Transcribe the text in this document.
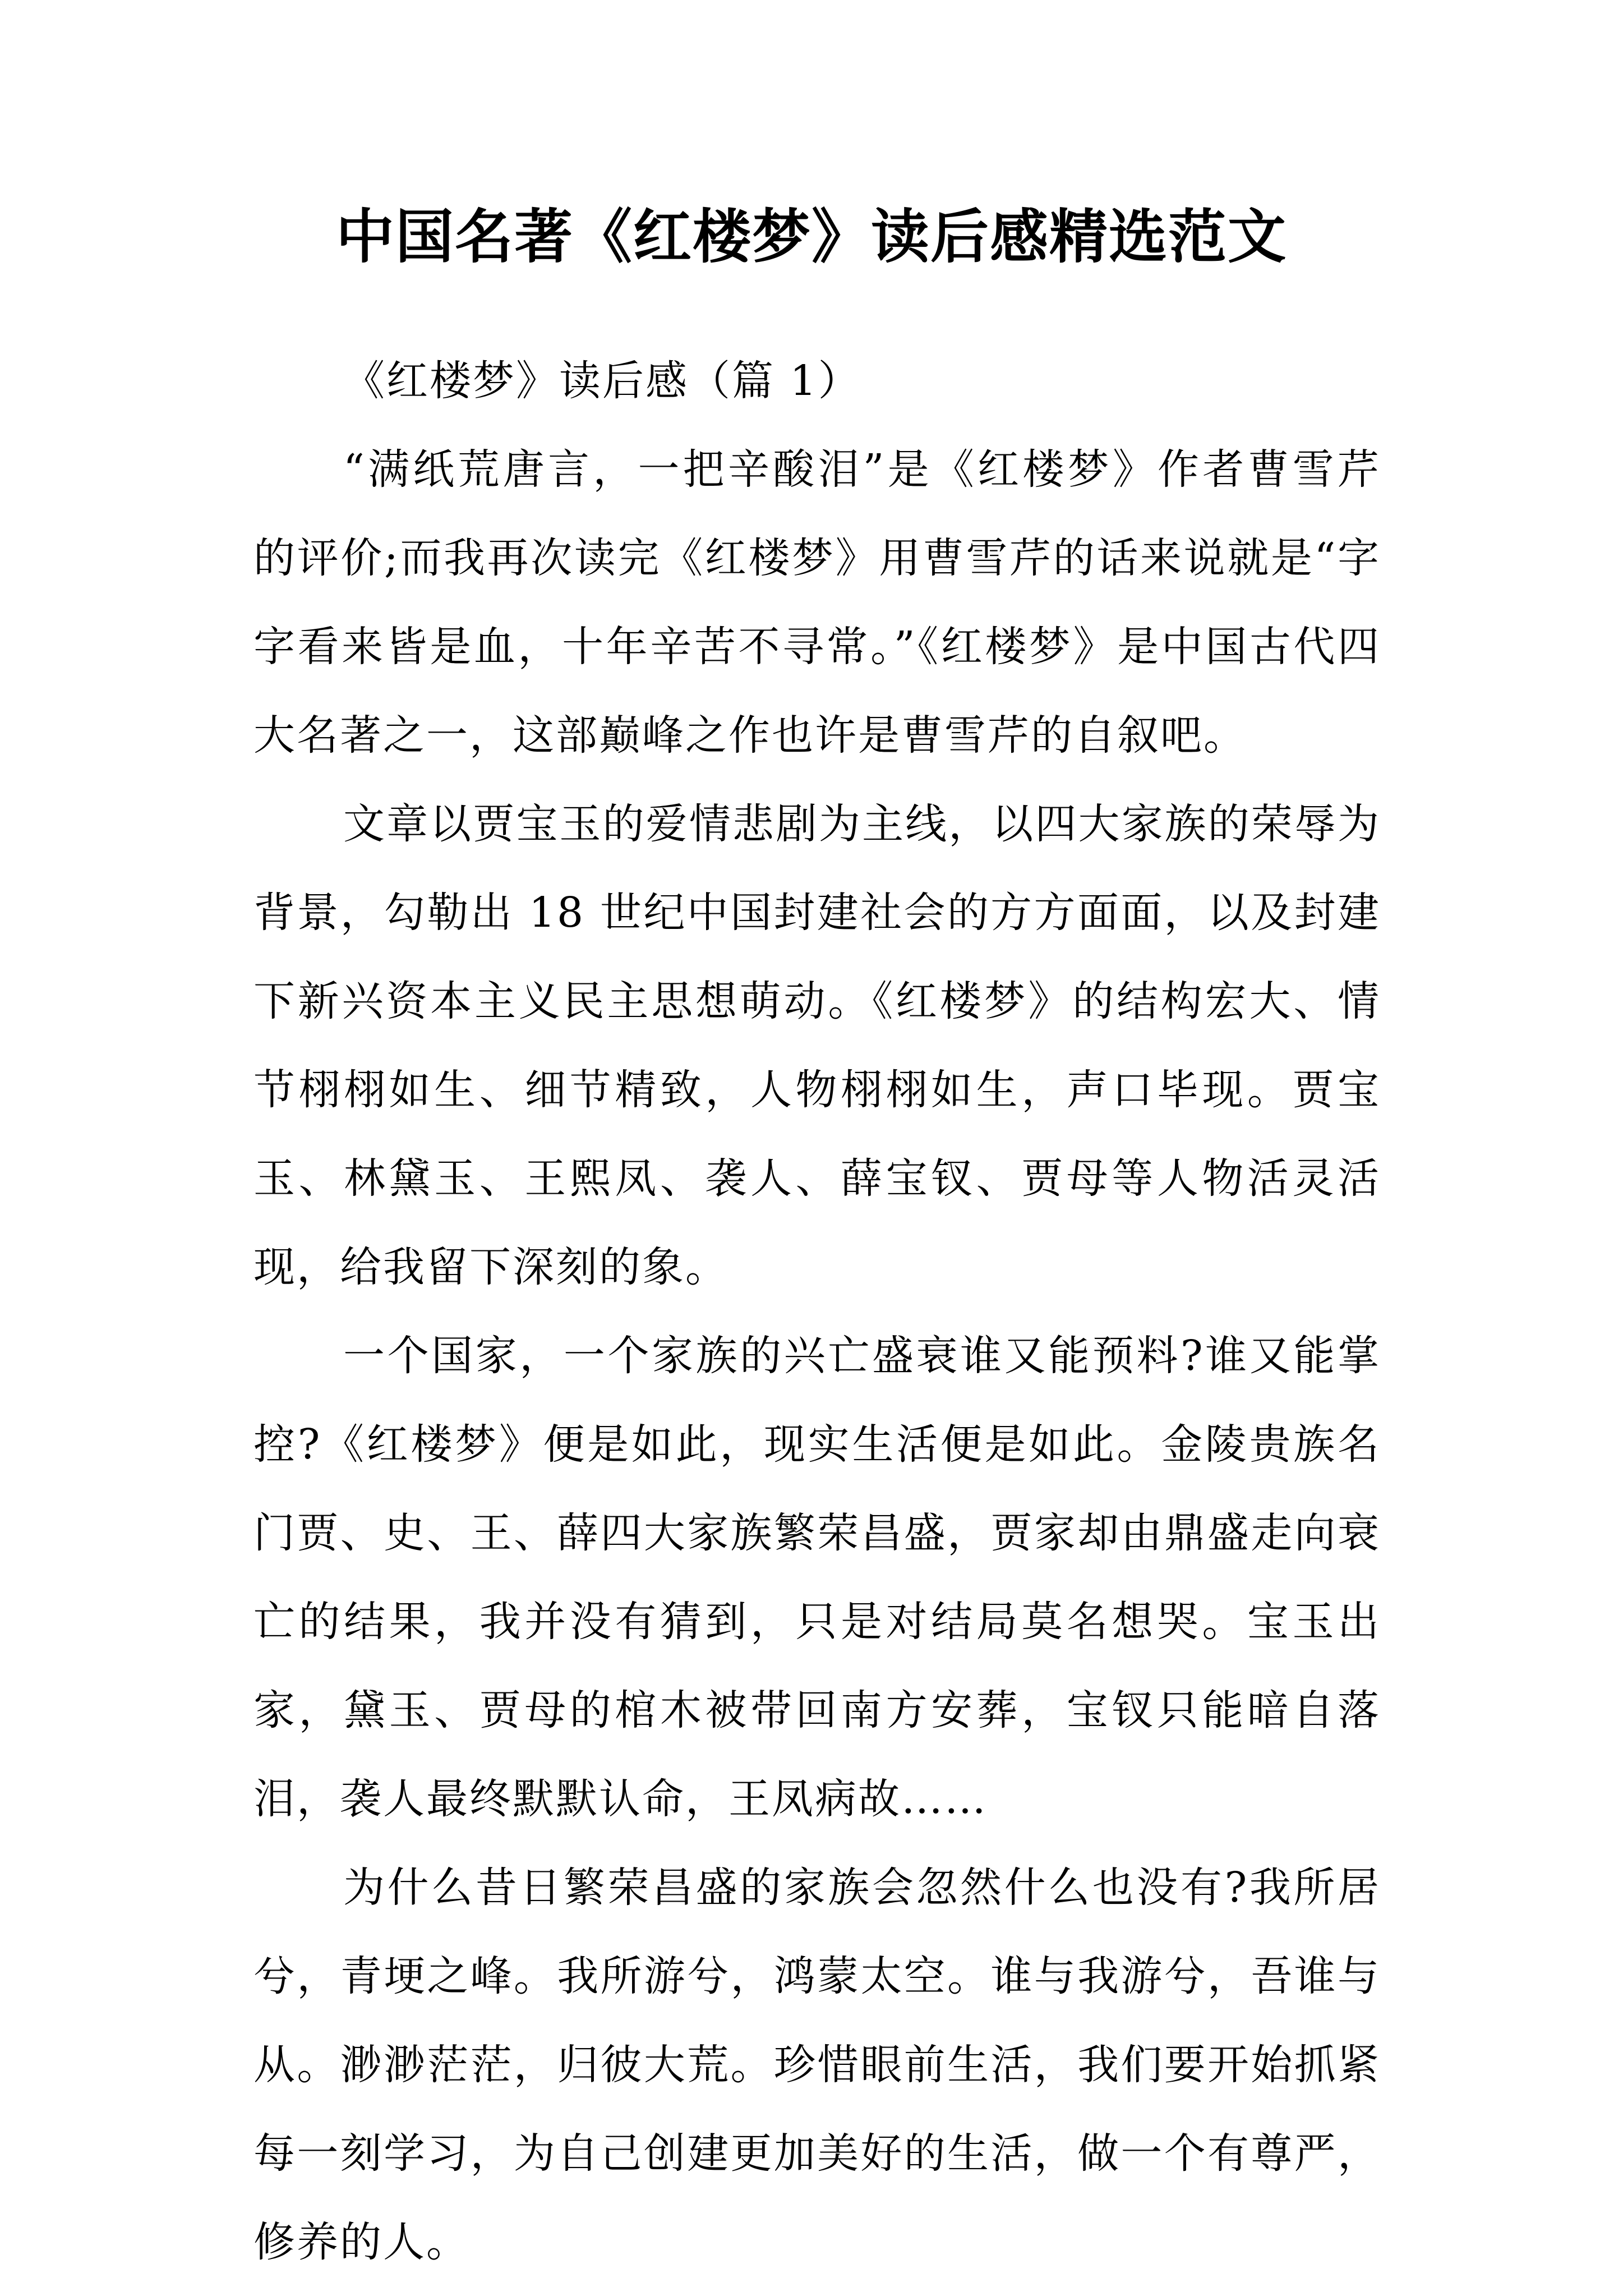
中国名著《红楼梦》读后感精选范文

《红楼梦》读后感（篇 1）

“满纸荒唐言，一把辛酸泪”是《红楼梦》作者曹雪芹的评价;而我再次读完《红楼梦》用曹雪芹的话来说就是“字字看来皆是血，十年辛苦不寻常。”《红楼梦》是中国古代四大名著之一，这部巅峰之作也许是曹雪芹的自叙吧。

文章以贾宝玉的爱情悲剧为主线，以四大家族的荣辱为背景，勾勒出 18 世纪中国封建社会的方方面面，以及封建下新兴资本主义民主思想萌动。《红楼梦》的结构宏大、情节栩栩如生、细节精致，人物栩栩如生，声口毕现。贾宝玉、林黛玉、王熙凤、袭人、薛宝钗、贾母等人物活灵活现，给我留下深刻的象。

一个国家，一个家族的兴亡盛衰谁又能预料?谁又能掌控?《红楼梦》便是如此，现实生活便是如此。金陵贵族名门贾、史、王、薛四大家族繁荣昌盛，贾家却由鼎盛走向衰亡的结果，我并没有猜到，只是对结局莫名想哭。宝玉出家，黛玉、贾母的棺木被带回南方安葬，宝钗只能暗自落泪，袭人最终默默认命，王凤病故……

为什么昔日繁荣昌盛的家族会忽然什么也没有?我所居兮，青埂之峰。我所游兮，鸿蒙太空。谁与我游兮，吾谁与从。渺渺茫茫，归彼大荒。珍惜眼前生活，我们要开始抓紧每一刻学习，为自己创建更加美好的生活，做一个有尊严，修养的人。
